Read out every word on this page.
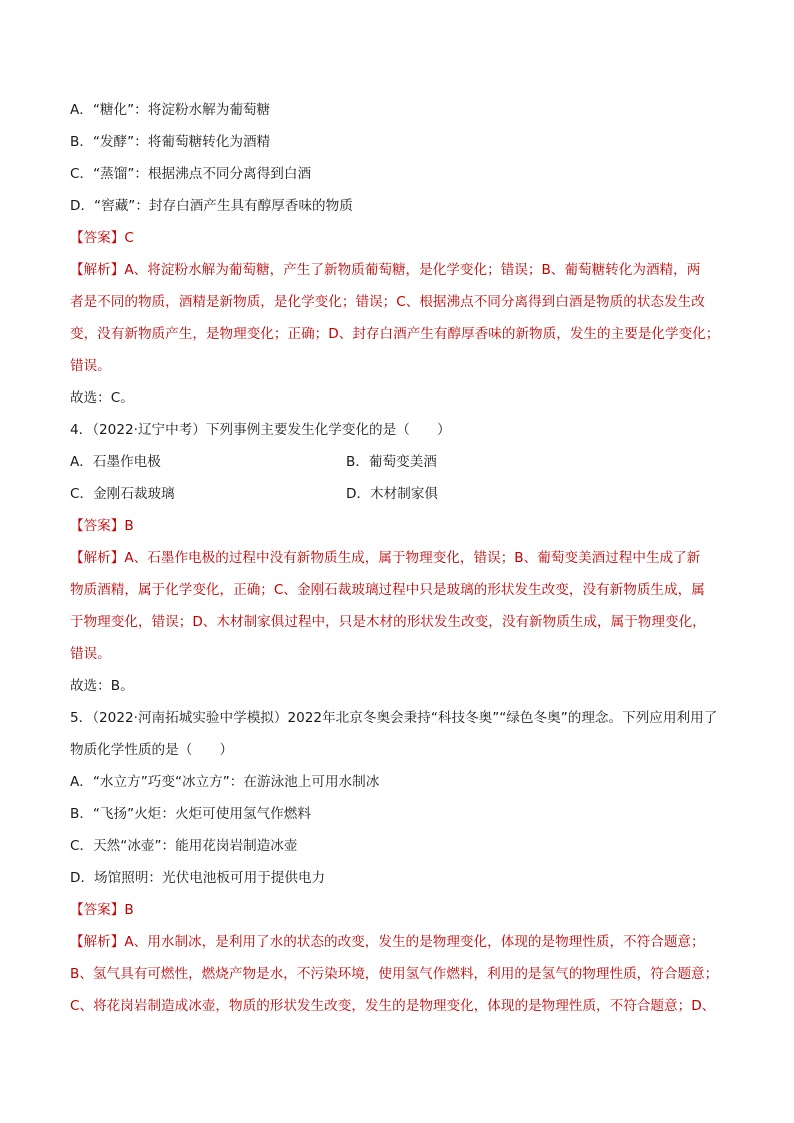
A．“糖化”：将淀粉水解为葡萄糖
B．“发酵”：将葡萄糖转化为酒精
C．“蒸馏”：根据沸点不同分离得到白酒
D．“窖藏”：封存白酒产生具有醇厚香味的物质
【答案】C
【解析】A、将淀粉水解为葡萄糖，产生了新物质葡萄糖，是化学变化；错误；B、葡萄糖转化为酒精，两
者是不同的物质，酒精是新物质，是化学变化；错误；C、根据沸点不同分离得到白酒是物质的状态发生改
变，没有新物质产生，是物理变化；正确；D、封存白酒产生有醇厚香味的新物质，发生的主要是化学变化；
错误。
故选：C。
4．（2022·辽宁中考）下列事例主要发生化学变化的是（　　）
A．石墨作电极	B．葡萄变美酒
C．金刚石裁玻璃	D．木材制家俱
【答案】B
【解析】A、石墨作电极的过程中没有新物质生成，属于物理变化，错误；B、葡萄变美酒过程中生成了新
物质酒精，属于化学变化，正确；C、金刚石裁玻璃过程中只是玻璃的形状发生改变，没有新物质生成，属
于物理变化，错误；D、木材制家俱过程中，只是木材的形状发生改变，没有新物质生成，属于物理变化，
错误。
故选：B。
5．（2022·河南拓城实验中学模拟）2022年北京冬奥会秉持“科技冬奥”“绿色冬奥”的理念。下列应用利用了
物质化学性质的是（　　）
A．“水立方”巧变“冰立方”：在游泳池上可用水制冰
B．“飞扬”火炬：火炬可使用氢气作燃料
C．天然“冰壶”：能用花岗岩制造冰壶
D．场馆照明：光伏电池板可用于提供电力
【答案】B
【解析】A、用水制冰，是利用了水的状态的改变，发生的是物理变化，体现的是物理性质，不符合题意；
B、氢气具有可燃性，燃烧产物是水，不污染环境，使用氢气作燃料，利用的是氢气的物理性质，符合题意；
C、将花岗岩制造成冰壶，物质的形状发生改变，发生的是物理变化，体现的是物理性质，不符合题意；D、
